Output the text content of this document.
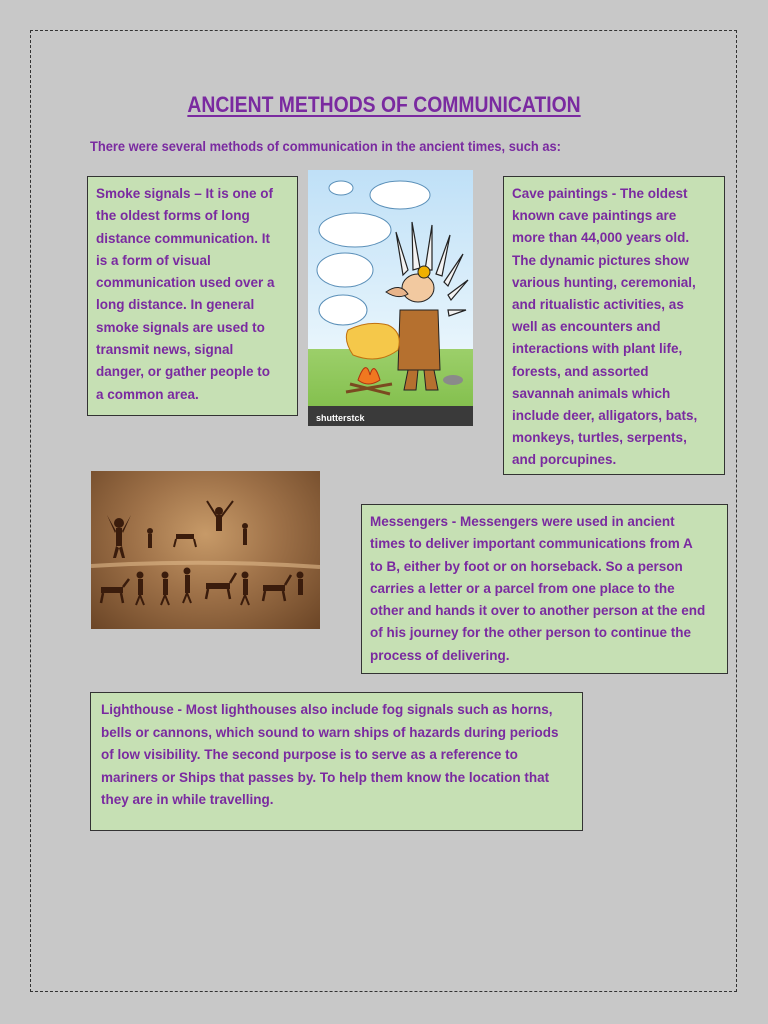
ANCIENT METHODS OF COMMUNICATION
There were several methods of communication in the ancient times, such as:
Smoke signals – It is one of
the oldest forms of long
distance communication. It
is a form of visual
communication used over a
long distance. In general
smoke signals are used to
transmit news, signal
danger, or gather people to
a common area.
shutterstck
Cave paintings - The oldest
known cave paintings are
more than 44,000 years old.
The dynamic pictures show
various hunting, ceremonial,
and ritualistic activities, as
well as encounters and
interactions with plant life,
forests, and assorted
savannah animals which
include deer, alligators, bats,
monkeys, turtles, serpents,
and porcupines.
Messengers - Messengers were used in ancient
times to deliver important communications from A
to B, either by foot or on horseback. So a person
carries a letter or a parcel from one place to the
other and hands it over to another person at the end
of his journey for the other person to continue the
process of delivering.
Lighthouse - Most lighthouses also include fog signals such as horns,
bells or cannons, which sound to warn ships of hazards during periods
of low visibility. The second purpose is to serve as a reference to
mariners or Ships that passes by. To help them know the location that
they are in while travelling.
